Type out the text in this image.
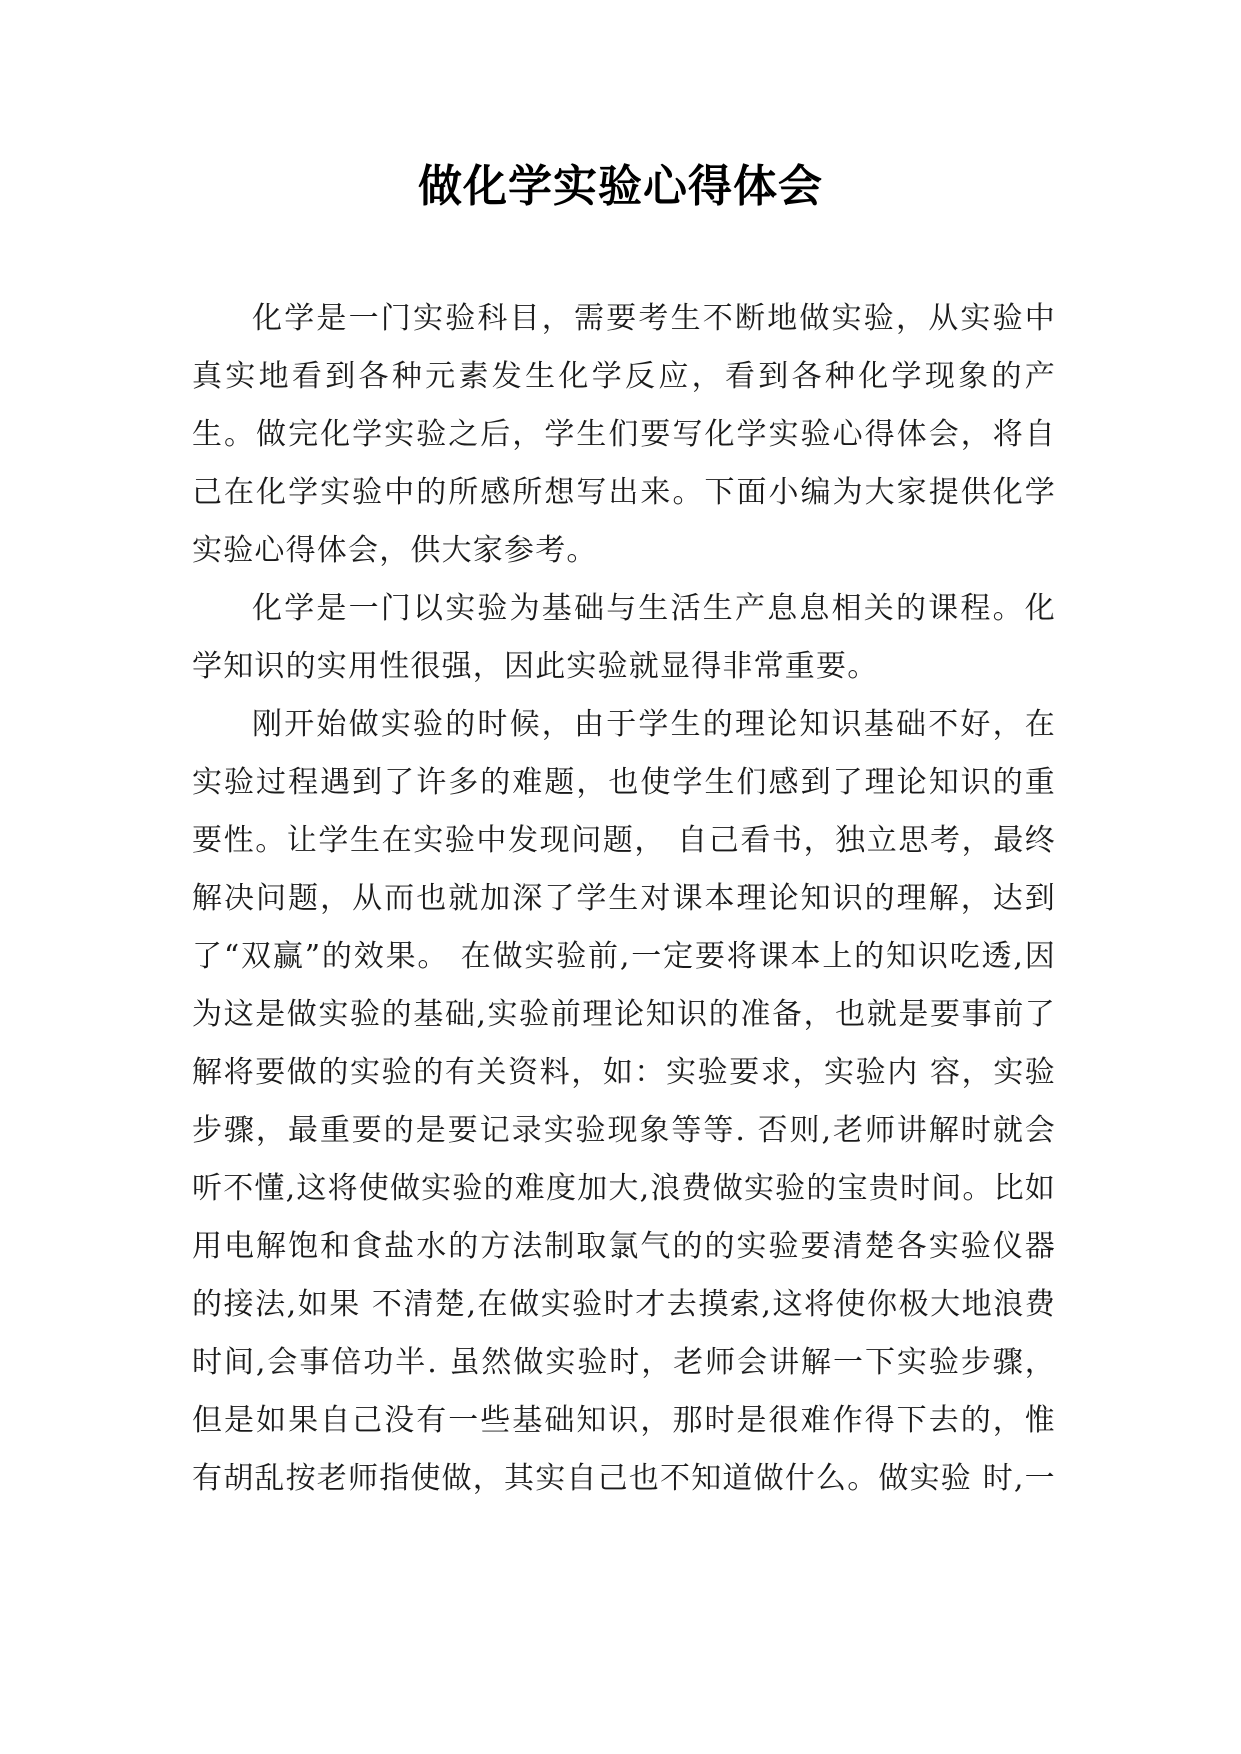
做化学实验心得体会

化学是一门实验科目，需要考生不断地做实验，从实验中真实地看到各种元素发生化学反应，看到各种化学现象的产生。做完化学实验之后，学生们要写化学实验心得体会，将自己在化学实验中的所感所想写出来。下面小编为大家提供化学实验心得体会，供大家参考。

化学是一门以实验为基础与生活生产息息相关的课程。化学知识的实用性很强，因此实验就显得非常重要。

刚开始做实验的时候，由于学生的理论知识基础不好，在实验过程遇到了许多的难题，也使学生们感到了理论知识的重要性。让学生在实验中发现问题， 自己看书，独立思考，最终解决问题，从而也就加深了学生对课本理论知识的理解，达到了“双赢”的效果。 在做实验前,一定要将课本上的知识吃透,因为这是做实验的基础,实验前理论知识的准备，也就是要事前了解将要做的实验的有关资料，如：实验要求，实验内 容，实验步骤，最重要的是要记录实验现象等等. 否则,老师讲解时就会听不懂,这将使做实验的难度加大,浪费做实验的宝贵时间。比如用电解饱和食盐水的方法制取氯气的的实验要清楚各实验仪器的接法,如果 不清楚,在做实验时才去摸索,这将使你极大地浪费时间,会事倍功半. 虽然做实验时，老师会讲解一下实验步骤，但是如果自己没有一些基础知识，那时是很难作得下去的，惟有胡乱按老师指使做，其实自己也不知道做什么。做实验 时,一
